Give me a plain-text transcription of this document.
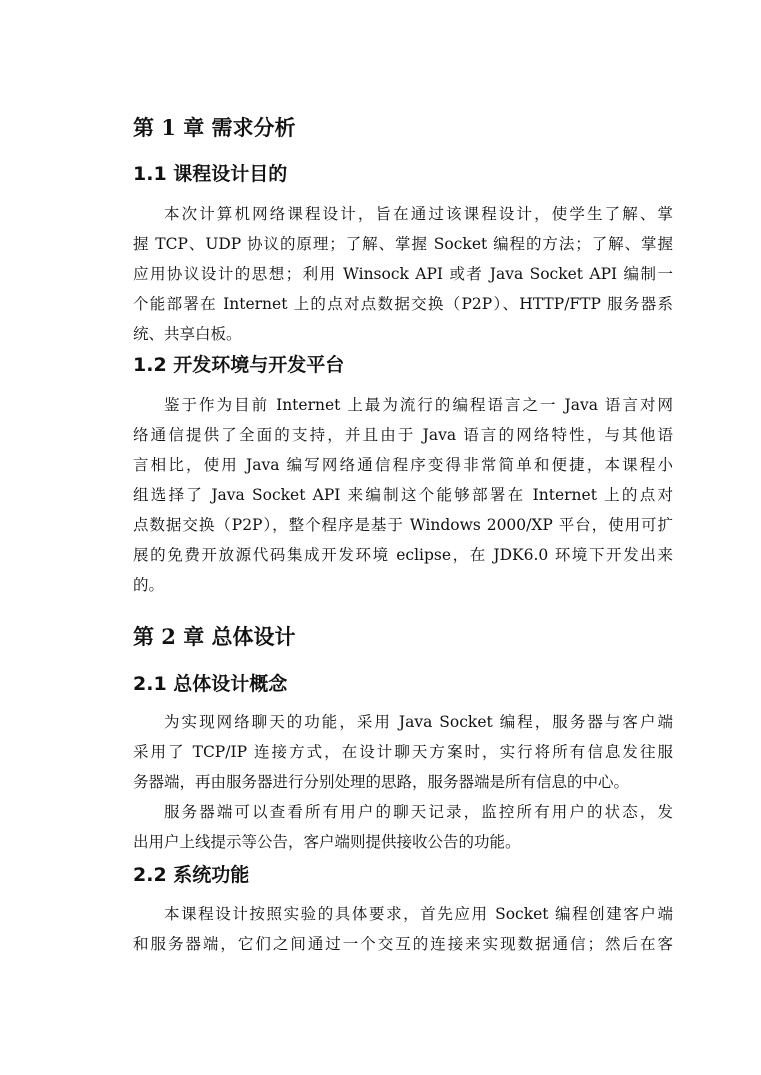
第 1 章 需求分析
1.1 课程设计目的
本次计算机网络课程设计，旨在通过该课程设计，使学生了解、掌
握 TCP、UDP 协议的原理；了解、掌握 Socket 编程的方法；了解、掌握
应用协议设计的思想；利用 Winsock API 或者 Java Socket API 编制一
个能部署在 Internet 上的点对点数据交换（P2P）、HTTP/FTP 服务器系
统、共享白板。
1.2 开发环境与开发平台
鉴于作为目前 Internet 上最为流行的编程语言之一 Java 语言对网
络通信提供了全面的支持，并且由于 Java 语言的网络特性，与其他语
言相比，使用 Java 编写网络通信程序变得非常简单和便捷，本课程小
组选择了 Java Socket API 来编制这个能够部署在 Internet 上的点对
点数据交换（P2P），整个程序是基于 Windows 2000/XP 平台，使用可扩
展的免费开放源代码集成开发环境 eclipse，在 JDK6.0 环境下开发出来
的。
第 2 章 总体设计
2.1 总体设计概念
为实现网络聊天的功能，采用 Java Socket 编程，服务器与客户端
采用了 TCP/IP 连接方式，在设计聊天方案时，实行将所有信息发往服
务器端，再由服务器进行分别处理的思路，服务器端是所有信息的中心。
服务器端可以查看所有用户的聊天记录，监控所有用户的状态，发
出用户上线提示等公告，客户端则提供接收公告的功能。
2.2 系统功能
本课程设计按照实验的具体要求，首先应用 Socket 编程创建客户端
和服务器端，它们之间通过一个交互的连接来实现数据通信；然后在客
